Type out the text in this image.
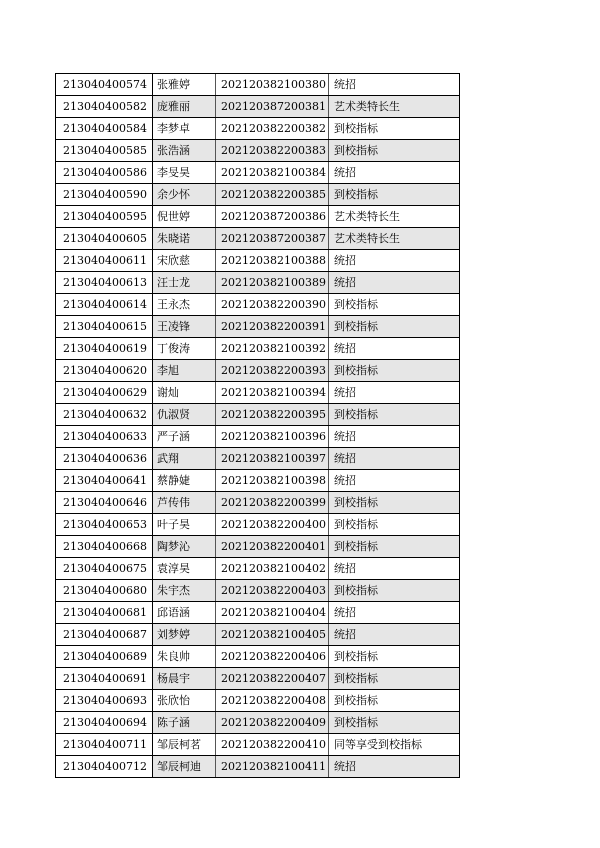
213040400574	张雅婷	202120382100380	统招
213040400582	庞雅丽	202120387200381	艺术类特长生
213040400584	李梦卓	202120382200382	到校指标
213040400585	张浩涵	202120382200383	到校指标
213040400586	李旻昊	202120382100384	统招
213040400590	余少怀	202120382200385	到校指标
213040400595	倪世婷	202120387200386	艺术类特长生
213040400605	朱晓诺	202120387200387	艺术类特长生
213040400611	宋欣慈	202120382100388	统招
213040400613	汪士龙	202120382100389	统招
213040400614	王永杰	202120382200390	到校指标
213040400615	王凌锋	202120382200391	到校指标
213040400619	丁俊涛	202120382100392	统招
213040400620	李旭	202120382200393	到校指标
213040400629	谢灿	202120382100394	统招
213040400632	仇淑贤	202120382200395	到校指标
213040400633	严子涵	202120382100396	统招
213040400636	武翔	202120382100397	统招
213040400641	蔡静婕	202120382100398	统招
213040400646	芦传伟	202120382200399	到校指标
213040400653	叶子昊	202120382200400	到校指标
213040400668	陶梦沁	202120382200401	到校指标
213040400675	袁淳昊	202120382100402	统招
213040400680	朱宇杰	202120382200403	到校指标
213040400681	邱语涵	202120382100404	统招
213040400687	刘梦婷	202120382100405	统招
213040400689	朱良帅	202120382200406	到校指标
213040400691	杨晨宇	202120382200407	到校指标
213040400693	张欣怡	202120382200408	到校指标
213040400694	陈子涵	202120382200409	到校指标
213040400711	邹辰柯茗	202120382200410	同等享受到校指标
213040400712	邹辰柯迪	202120382100411	统招
